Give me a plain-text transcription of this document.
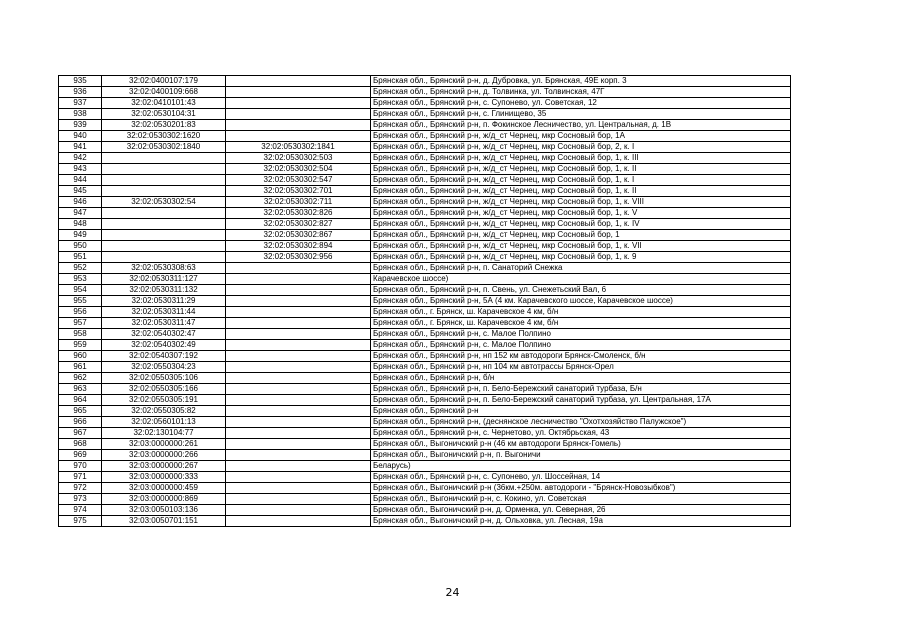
935	32:02:0400107:179		Брянская обл., Брянский р-н, д. Дубровка, ул. Брянская, 49Е корп. 3
936	32:02:0400109:668		Брянская обл., Брянский р-н, д. Толвинка, ул. Толвинская, 47Г
937	32:02:0410101:43		Брянская обл., Брянский р-н, с. Супонево, ул. Советская, 12
938	32:02:0530104:31		Брянская обл., Брянский р-н, с. Глинищево, 35
939	32:02:0530201:83		Брянская обл., Брянский р-н, п. Фокинское Лесничество, ул. Центральная, д. 1В
940	32:02:0530302:1620		Брянская обл., Брянский р-н, ж/д_ст Чернец, мкр Сосновый бор, 1А
941	32:02:0530302:1840	32:02:0530302:1841	Брянская обл., Брянский р-н, ж/д_ст Чернец, мкр Сосновый бор, 2, к. I
942		32:02:0530302:503	Брянская обл., Брянский р-н, ж/д_ст Чернец, мкр Сосновый бор, 1, к. III
943		32:02:0530302:504	Брянская обл., Брянский р-н, ж/д_ст Чернец, мкр Сосновый бор, 1, к. II
944		32:02:0530302:547	Брянская обл., Брянский р-н, ж/д_ст Чернец, мкр Сосновый бор, 1, к. I
945		32:02:0530302:701	Брянская обл., Брянский р-н, ж/д_ст Чернец, мкр Сосновый бор, 1, к. II
946	32:02:0530302:54	32:02:0530302:711	Брянская обл., Брянский р-н, ж/д_ст Чернец, мкр Сосновый бор, 1, к. VIII
947		32:02:0530302:826	Брянская обл., Брянский р-н, ж/д_ст Чернец, мкр Сосновый бор, 1, к. V
948		32:02:0530302:827	Брянская обл., Брянский р-н, ж/д_ст Чернец, мкр Сосновый бор, 1, к. IV
949		32:02:0530302:867	Брянская обл., Брянский р-н, ж/д_ст Чернец, мкр Сосновый бор, 1
950		32:02:0530302:894	Брянская обл., Брянский р-н, ж/д_ст Чернец, мкр Сосновый бор, 1, к. VII
951		32:02:0530302:956	Брянская обл., Брянский р-н, ж/д_ст Чернец, мкр Сосновый бор, 1, к. 9
952	32:02:0530308:63		Брянская обл., Брянский р-н, п. Санаторий Снежка
953	32:02:0530311:127		Карачевское шоссе)
954	32:02:0530311:132		Брянская обл., Брянский р-н, п. Свень, ул. Снежетьский Вал, 6
955	32:02:0530311:29		Брянская обл., Брянский р-н, 5А (4 км. Карачевского шоссе, Карачевское шоссе)
956	32:02:0530311:44		Брянская обл., г. Брянск, ш. Карачевское 4 км, б/н
957	32:02:0530311:47		Брянская обл., г. Брянск, ш. Карачевское 4 км, б/н
958	32:02:0540302:47		Брянская обл., Брянский р-н, с. Малое Полпино
959	32:02:0540302:49		Брянская обл., Брянский р-н, с. Малое Полпино
960	32:02:0540307:192		Брянская обл., Брянский р-н, нп 152 км автодороги Брянск-Смоленск, б/н
961	32:02:0550304:23		Брянская обл., Брянский р-н, нп 104 км автотрассы Брянск-Орел
962	32:02:0550305:106		Брянская обл., Брянский р-н, б/н
963	32:02:0550305:166		Брянская обл., Брянский р-н, п. Бело-Бережский санаторий турбаза, Б/н
964	32:02:0550305:191		Брянская обл., Брянский р-н, п. Бело-Бережский санаторий турбаза, ул. Центральная, 17А
965	32:02:0550305:82		Брянская обл., Брянский р-н
966	32:02:0560101:13		Брянская обл., Брянский р-н, (деснянское лесничество "Охотхозяйство Палужское")
967	32:02:130104:77		Брянская обл., Брянский р-н, с. Чернетово, ул. Октябрьская, 43
968	32:03:0000000:261		Брянская обл., Выгоничский р-н (46 км автодороги Брянск-Гомель)
969	32:03:0000000:266		Брянская обл., Выгоничский р-н, п. Выгоничи
970	32:03:0000000:267		Беларусь)
971	32:03:0000000:333		Брянская обл., Брянский р-н, с. Супонево, ул. Шоссейная, 14
972	32:03:0000000:459		Брянская обл., Выгоничский р-н (36км.+250м. автодороги - "Брянск-Новозыбков")
973	32:03:0000000:869		Брянская обл., Выгоничский р-н, с. Кокино, ул. Советская
974	32:03:0050103:136		Брянская обл., Выгоничский р-н, д. Орменка, ул. Северная, 26
975	32:03:0050701:151		Брянская обл., Выгоничский р-н, д. Ольховка, ул. Лесная, 19а
24
